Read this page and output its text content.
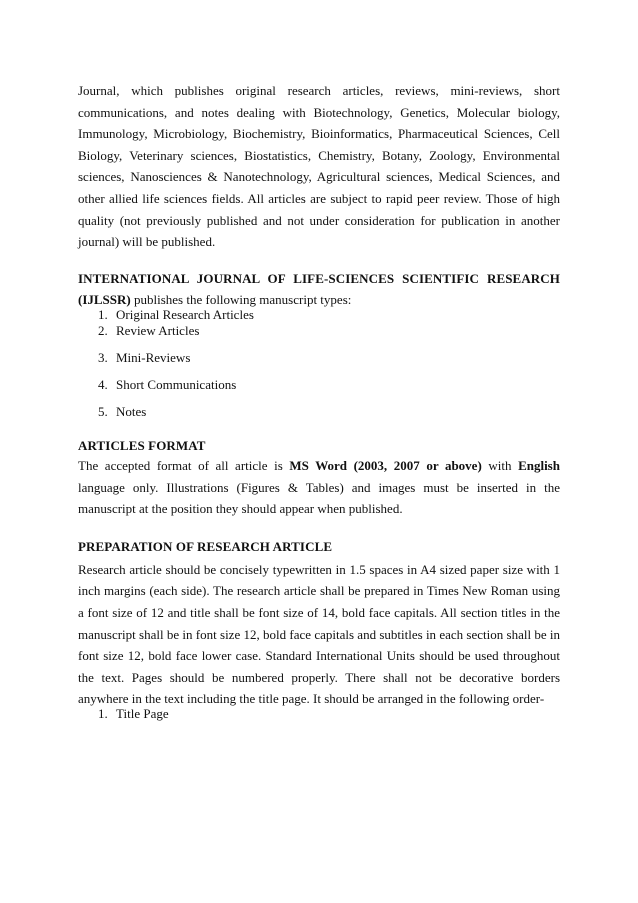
Journal, which publishes original research articles, reviews, mini-reviews, short communications, and notes dealing with Biotechnology, Genetics, Molecular biology, Immunology, Microbiology, Biochemistry, Bioinformatics, Pharmaceutical Sciences, Cell Biology, Veterinary sciences, Biostatistics, Chemistry, Botany, Zoology, Environmental sciences, Nanosciences & Nanotechnology, Agricultural sciences, Medical Sciences, and other allied life sciences fields. All articles are subject to rapid peer review. Those of high quality (not previously published and not under consideration for publication in another journal) will be published.

INTERNATIONAL JOURNAL OF LIFE-SCIENCES SCIENTIFIC RESEARCH (IJLSSR) publishes the following manuscript types:

1. Original Research Articles
2. Review Articles
3. Mini-Reviews
4. Short Communications
5. Notes

ARTICLES FORMAT

The accepted format of all article is MS Word (2003, 2007 or above) with English language only. Illustrations (Figures & Tables) and images must be inserted in the manuscript at the position they should appear when published.

PREPARATION OF RESEARCH ARTICLE

Research article should be concisely typewritten in 1.5 spaces in A4 sized paper size with 1 inch margins (each side). The research article shall be prepared in Times New Roman using a font size of 12 and title shall be font size of 14, bold face capitals. All section titles in the manuscript shall be in font size 12, bold face capitals and subtitles in each section shall be in font size 12, bold face lower case. Standard International Units should be used throughout the text. Pages should be numbered properly. There shall not be decorative borders anywhere in the text including the title page. It should be arranged in the following order-

1. Title Page
